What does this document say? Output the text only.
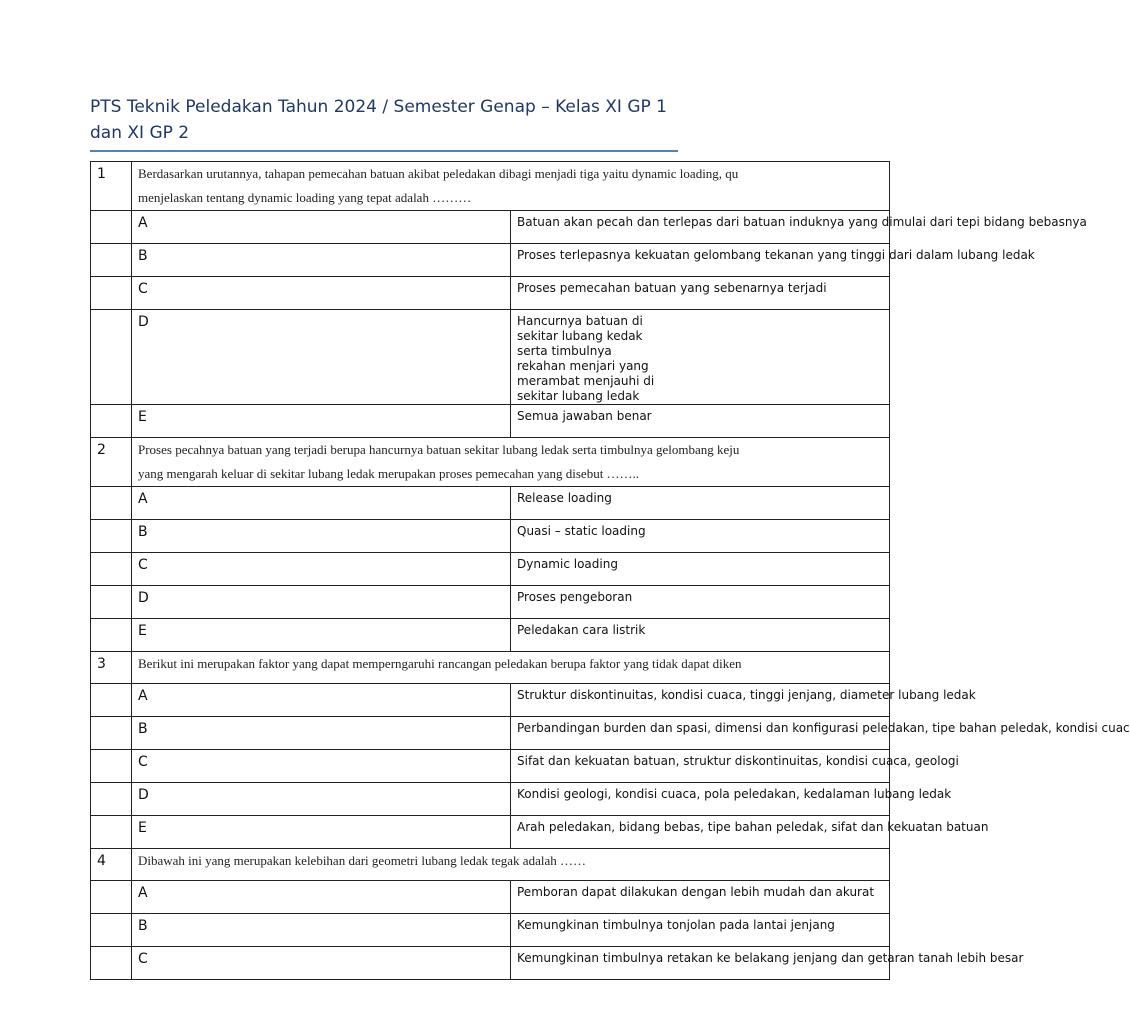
PTS Teknik Peledakan Tahun 2024 / Semester Genap – Kelas XI GP 1 dan XI GP 2
1	Berdasarkan urutannya, tahapan pemecahan batuan akibat peledakan dibagi menjadi tiga yaitu dynamic loading, qu
menjelaskan tentang dynamic loading yang tepat adalah ………	

	A	Batuan akan pecah dan terlepas dari batuan induknya yang dimulai dari tepi bidang bebasnya
	B	Proses terlepasnya kekuatan gelombang tekanan yang tinggi dari dalam lubang ledak
	C	Proses pemecahan batuan yang sebenarnya terjadi
	D	Hancurnya batuan di sekitar lubang kedak serta timbulnya rekahan menjari yang merambat menjauhi di sekitar lubang ledak
	E	Semua jawaban benar
2	Proses pecahnya batuan yang terjadi berupa hancurnya batuan sekitar lubang ledak serta timbulnya gelombang keju
yang mengarah keluar di sekitar lubang ledak merupakan proses pemecahan yang disebut ……..	

	A	Release loading
	B	Quasi – static loading
	C	Dynamic loading
	D	Proses pengeboran
	E	Peledakan cara listrik
3	Berikut ini merupakan faktor yang dapat memperngaruhi rancangan peledakan berupa faktor yang tidak dapat diken	

	A	Struktur diskontinuitas, kondisi cuaca, tinggi jenjang, diameter lubang ledak
	B	Perbandingan burden dan spasi, dimensi dan konfigurasi peledakan, tipe bahan peledak, kondisi cuac
	C	Sifat dan kekuatan batuan, struktur diskontinuitas, kondisi cuaca, geologi
	D	Kondisi geologi, kondisi cuaca, pola peledakan, kedalaman lubang ledak
	E	Arah peledakan, bidang bebas, tipe bahan peledak, sifat dan kekuatan batuan
4	Dibawah ini yang merupakan kelebihan dari geometri lubang ledak tegak adalah ……	

	A	Pemboran dapat dilakukan dengan lebih mudah dan akurat
	B	Kemungkinan timbulnya tonjolan pada lantai jenjang
	C	Kemungkinan timbulnya retakan ke belakang jenjang dan getaran tanah lebih besar
